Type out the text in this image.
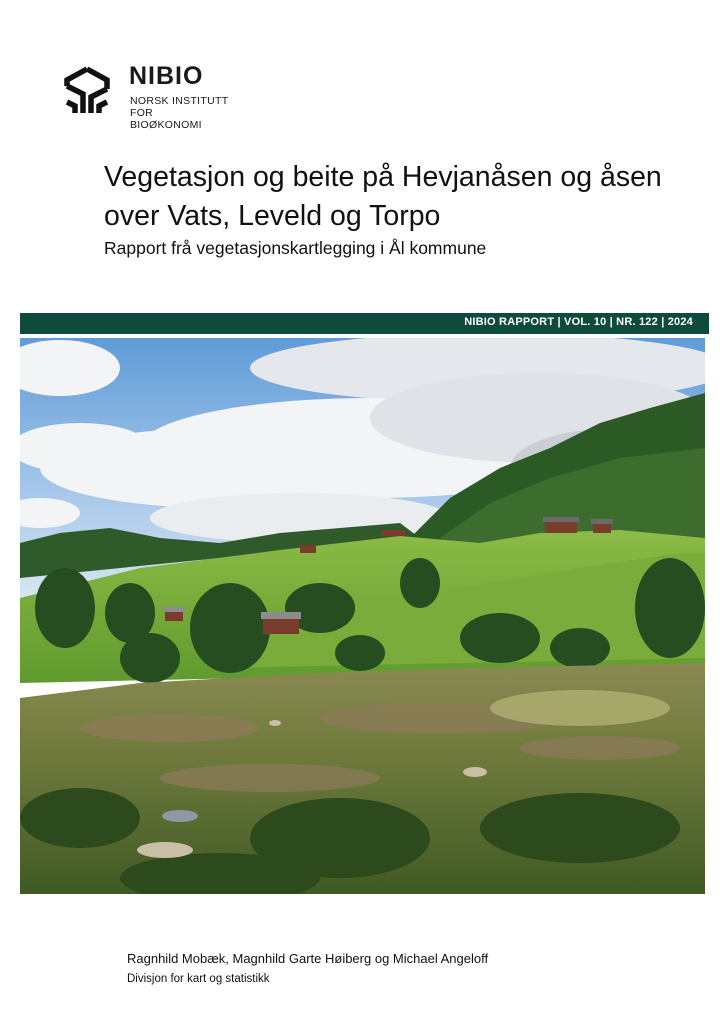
NIBIO
NORSK INSTITUTT FOR
BIOØKONOMI
Vegetasjon og beite på Hevjanåsen og åsen over Vats, Leveld og Torpo
Rapport frå vegetasjonskartlegging i Ål kommune
NIBIO RAPPORT | VOL. 10 | NR. 122 | 2024
Ragnhild Mobæk, Magnhild Garte Høiberg og Michael Angeloff
Divisjon for kart og statistikk
